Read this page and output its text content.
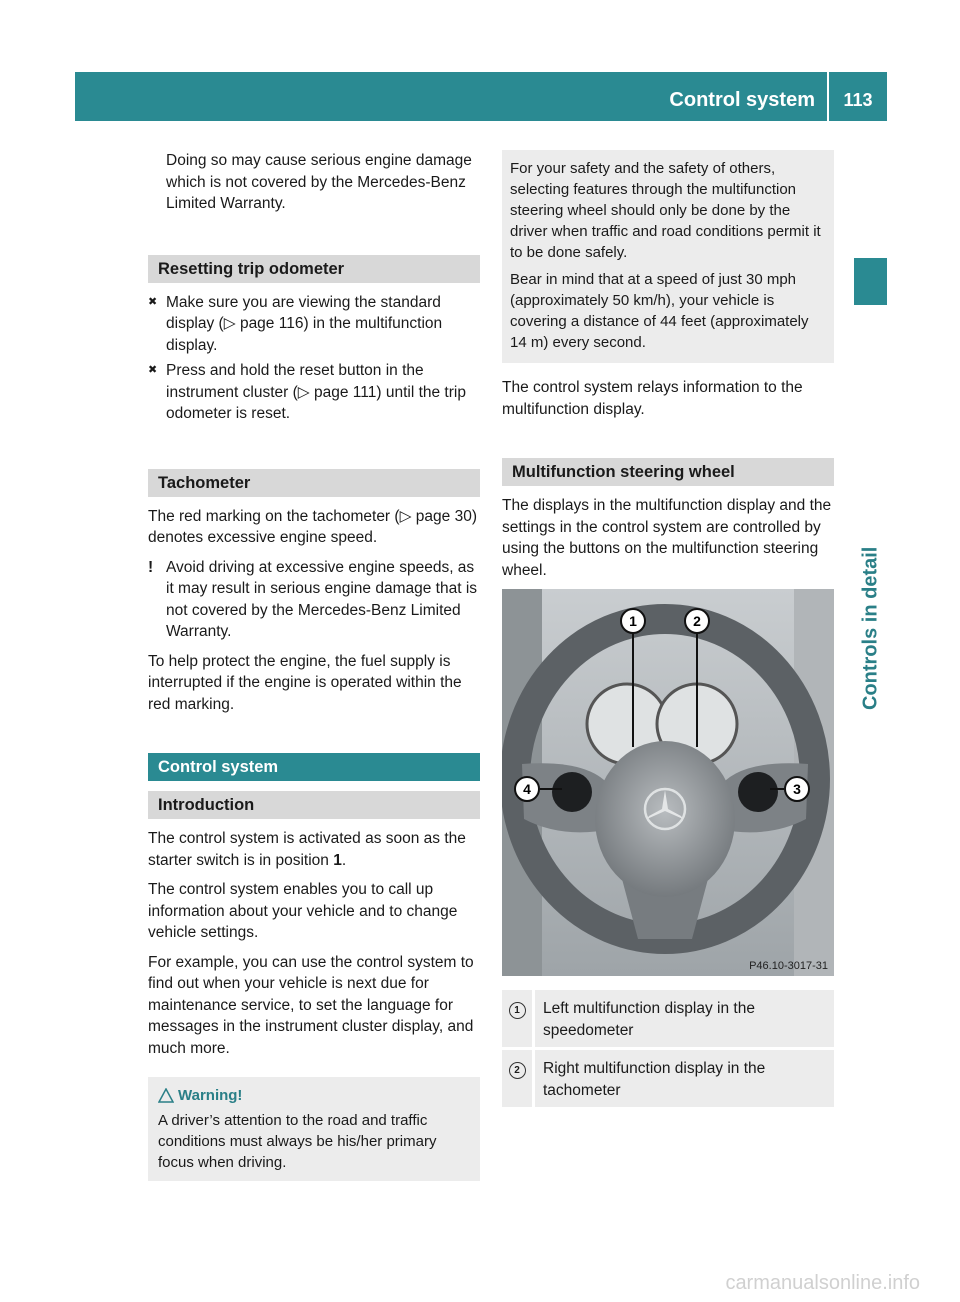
Control system	113
Controls in detail

Doing so may cause serious engine damage which is not covered by the Mercedes-Benz Limited Warranty.

Resetting trip odometer
✖ Make sure you are viewing the standard display (▷ page 116) in the multifunction display.
✖ Press and hold the reset button in the instrument cluster (▷ page 111) until the trip odometer is reset.
Tachometer

The red marking on the tachometer (▷ page 30) denotes excessive engine speed.

! Avoid driving at excessive engine speeds, as it may result in serious engine damage that is not covered by the Mercedes-Benz Limited Warranty.

To help protect the engine, the fuel supply is interrupted if the engine is operated within the red marking.

Control system
Introduction

The control system is activated as soon as the starter switch is in position 1.

The control system enables you to call up information about your vehicle and to change vehicle settings.

For example, you can use the control system to find out when your vehicle is next due for maintenance service, to set the language for messages in the instrument cluster display, and much more.

Warning!
A driver’s attention to the road and traffic conditions must always be his/her primary focus when driving.

For your safety and the safety of others, selecting features through the multifunction steering wheel should only be done by the driver when traffic and road conditions permit it to be done safely.

Bear in mind that at a speed of just 30 mph (approximately 50 km/h), your vehicle is covering a distance of 44 feet (approximately 14 m) every second.

The control system relays information to the multifunction display.

Multifunction steering wheel

The displays in the multifunction display and the settings in the control system are controlled by using the buttons on the multifunction steering wheel.

1	2
3
4
P46.10-3017-31
1	Left multifunction display in the speedometer
2	Right multifunction display in the tachometer
carmanualsonline.info
